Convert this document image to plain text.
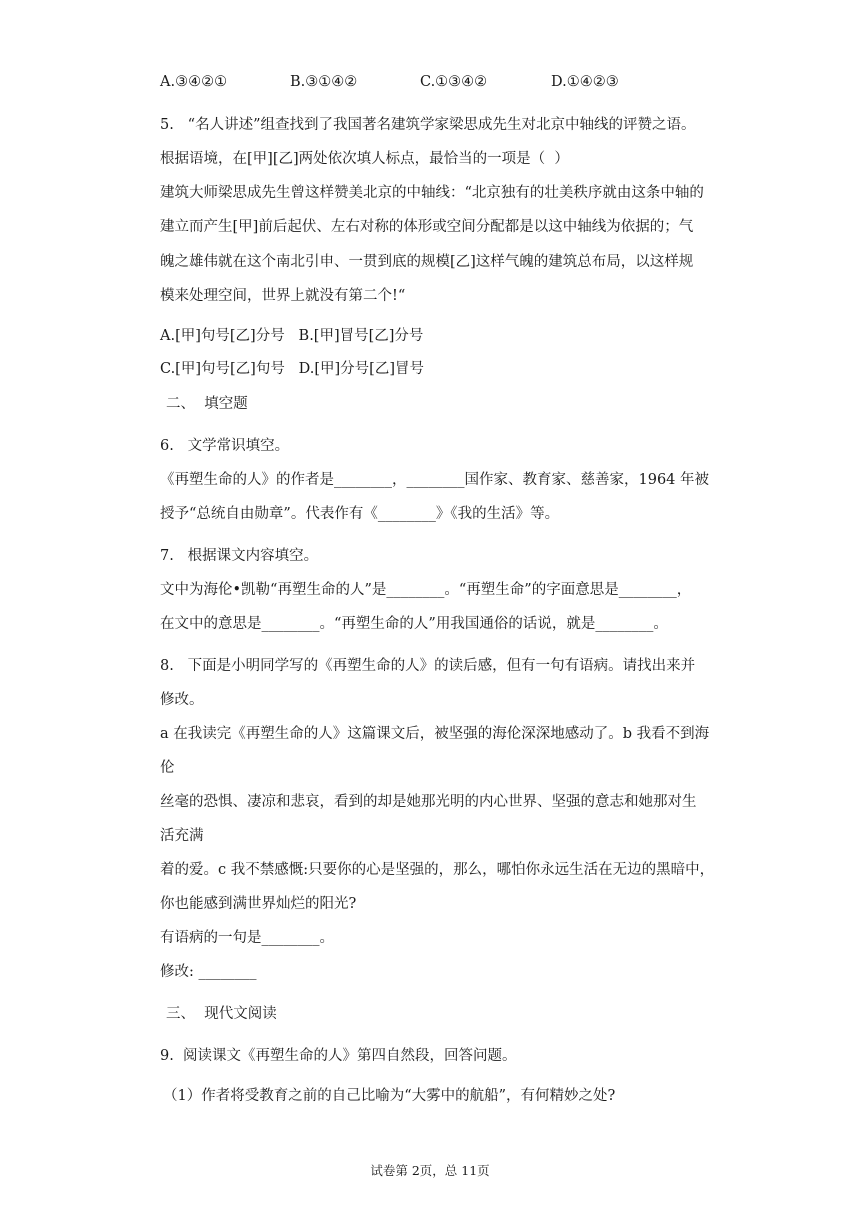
A.③④②①	B.③①④②	C.①③④②	D.①④②③
5.   “名人讲述”组查找到了我国著名建筑学家梁思成先生对北京中轴线的评赞之语。
根据语境，在[甲][乙]两处依次填人标点，最恰当的一项是（  ）
建筑大师梁思成先生曾这样赞美北京的中轴线：“北京独有的壮美秩序就由这条中轴的
建立而产生[甲]前后起伏、左右对称的体形或空间分配都是以这中轴线为依据的；气
魄之雄伟就在这个南北引申、一贯到底的规模[乙]这样气魄的建筑总布局，以这样规
模来处理空间，世界上就没有第二个!“
A.[甲]句号[乙]分号   B.[甲]冒号[乙]分号
C.[甲]句号[乙]句号   D.[甲]分号[乙]冒号
二、  填空题
6.   文学常识填空。
《再塑生命的人》的作者是________，________国作家、教育家、慈善家，1964 年被
授予“总统自由勋章”。代表作有《________》《我的生活》等。
7.   根据课文内容填空。
文中为海伦•凯勒“再塑生命的人”是________。“再塑生命”的字面意思是________，
在文中的意思是________。“再塑生命的人”用我国通俗的话说，就是________。
8.   下面是小明同学写的《再塑生命的人》的读后感，但有一句有语病。请找出来并
修改。
a 在我读完《再塑生命的人》这篇课文后，被坚强的海伦深深地感动了。b 我看不到海
伦
丝毫的恐惧、凄凉和悲哀，看到的却是她那光明的内心世界、坚强的意志和她那对生
活充满
着的爱。c 我不禁感慨:只要你的心是坚强的，那么，哪怕你永远生活在无边的黑暗中，
你也能感到满世界灿烂的阳光?
有语病的一句是________。
修改: ________
三、  现代文阅读
9.  阅读课文《再塑生命的人》第四自然段，回答问题。
（1）作者将受教育之前的自己比喻为“大雾中的航船”，有何精妙之处?
试卷第 2页，总 11页
